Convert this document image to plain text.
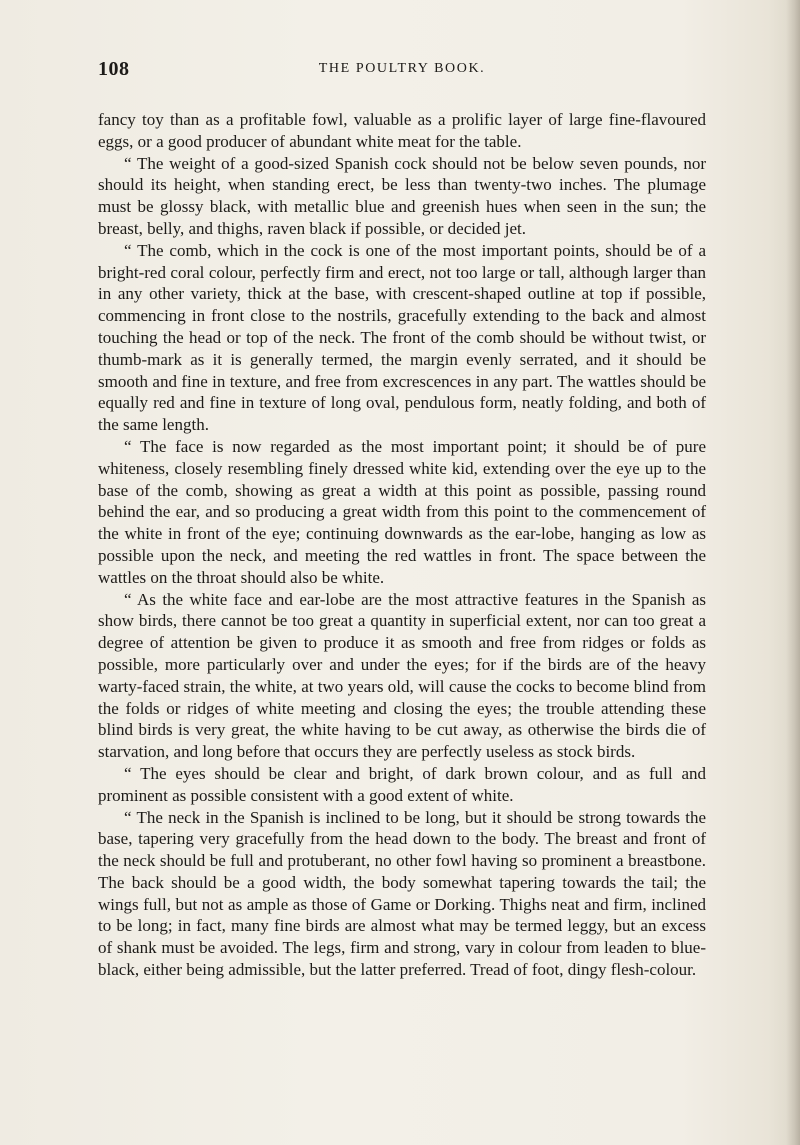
108	THE POULTRY BOOK.

fancy toy than as a profitable fowl, valuable as a prolific layer of large fine-flavoured eggs, or a good producer of abundant white meat for the table.

“ The weight of a good-sized Spanish cock should not be below seven pounds, nor should its height, when standing erect, be less than twenty-two inches. The plumage must be glossy black, with metallic blue and greenish hues when seen in the sun; the breast, belly, and thighs, raven black if possible, or decided jet.

“ The comb, which in the cock is one of the most important points, should be of a bright-red coral colour, perfectly firm and erect, not too large or tall, although larger than in any other variety, thick at the base, with crescent-shaped outline at top if possible, commencing in front close to the nostrils, gracefully extending to the back and almost touching the head or top of the neck. The front of the comb should be without twist, or thumb-mark as it is generally termed, the margin evenly serrated, and it should be smooth and fine in texture, and free from excrescences in any part. The wattles should be equally red and fine in texture of long oval, pendulous form, neatly folding, and both of the same length.

“ The face is now regarded as the most important point; it should be of pure whiteness, closely resembling finely dressed white kid, extending over the eye up to the base of the comb, showing as great a width at this point as possible, passing round behind the ear, and so producing a great width from this point to the commencement of the white in front of the eye; continuing downwards as the ear-lobe, hanging as low as possible upon the neck, and meeting the red wattles in front. The space between the wattles on the throat should also be white.

“ As the white face and ear-lobe are the most attractive features in the Spanish as show birds, there cannot be too great a quantity in superficial extent, nor can too great a degree of attention be given to produce it as smooth and free from ridges or folds as possible, more particularly over and under the eyes; for if the birds are of the heavy warty-faced strain, the white, at two years old, will cause the cocks to become blind from the folds or ridges of white meeting and closing the eyes; the trouble attending these blind birds is very great, the white having to be cut away, as otherwise the birds die of starvation, and long before that occurs they are perfectly useless as stock birds.

“ The eyes should be clear and bright, of dark brown colour, and as full and prominent as possible consistent with a good extent of white.

“ The neck in the Spanish is inclined to be long, but it should be strong towards the base, tapering very gracefully from the head down to the body. The breast and front of the neck should be full and protuberant, no other fowl having so prominent a breastbone. The back should be a good width, the body somewhat tapering towards the tail; the wings full, but not as ample as those of Game or Dorking. Thighs neat and firm, inclined to be long; in fact, many fine birds are almost what may be termed leggy, but an excess of shank must be avoided. The legs, firm and strong, vary in colour from leaden to blue-black, either being admissible, but the latter preferred. Tread of foot, dingy flesh-colour.
